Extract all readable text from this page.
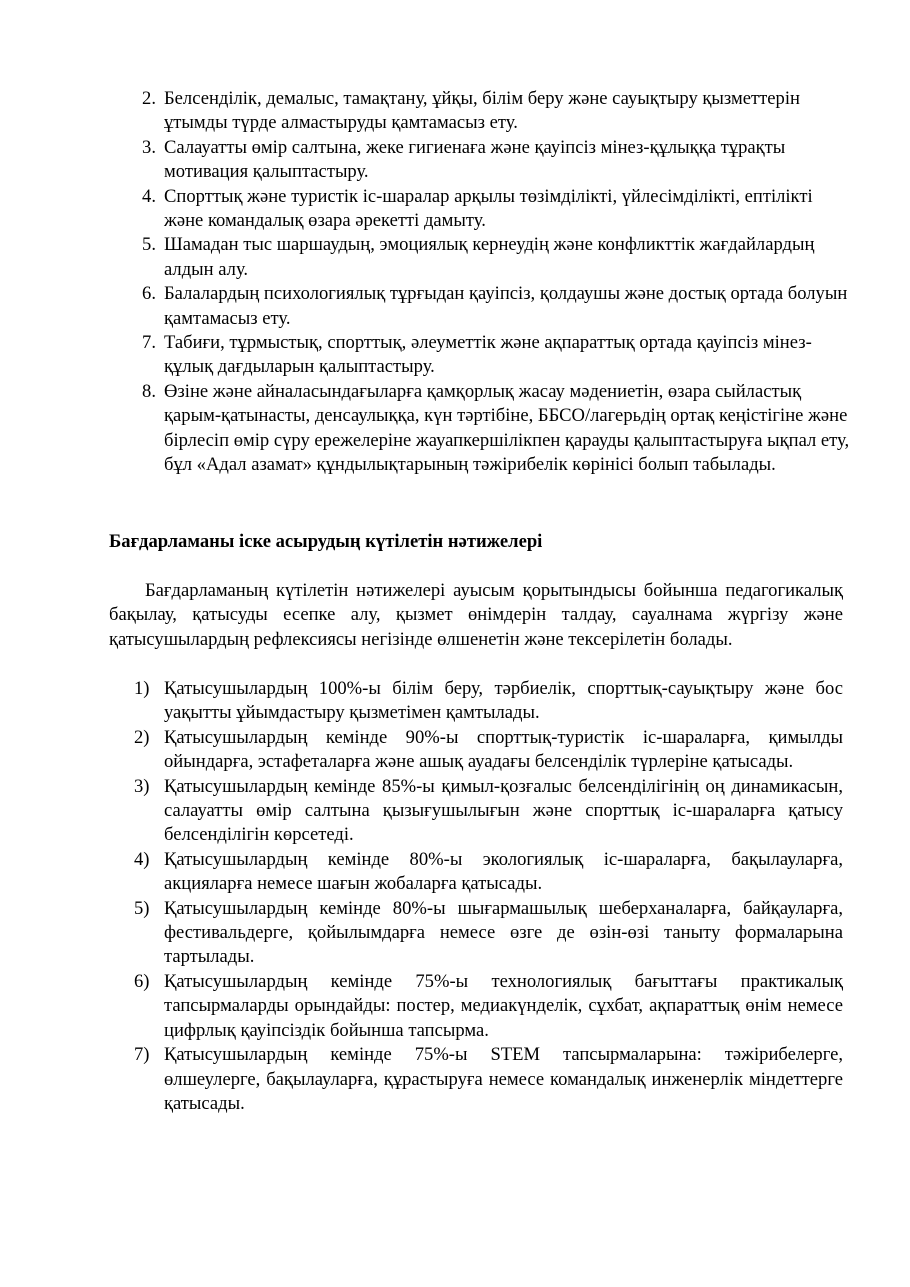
2. Белсенділік, демалыс, тамақтану, ұйқы, білім беру және сауықтыру қызметтерін ұтымды түрде алмастыруды қамтамасыз ету.
3. Салауатты өмір салтына, жеке гигиенаға және қауіпсіз мінез-құлыққа тұрақты мотивация қалыптастыру.
4. Спорттық және туристік іс-шаралар арқылы төзімділікті, үйлесімділікті, ептілікті және командалық өзара әрекетті дамыту.
5. Шамадан тыс шаршаудың, эмоциялық кернеудің және конфликттік жағдайлардың алдын алу.
6. Балалардың психологиялық тұрғыдан қауіпсіз, қолдаушы және достық ортада болуын қамтамасыз ету.
7. Табиғи, тұрмыстық, спорттық, әлеуметтік және ақпараттық ортада қауіпсіз мінез-құлық дағдыларын қалыптастыру.
8. Өзіне және айналасындағыларға қамқорлық жасау мәдениетін, өзара сыйластық қарым-қатынасты, денсаулыққа, күн тәртібіне, ББСО/лагерьдің ортақ кеңістігіне және бірлесіп өмір сүру ережелеріне жауапкершілікпен қарауды қалыптастыруға ықпал ету, бұл «Адал азамат» құндылықтарының тәжірибелік көрінісі болып табылады.
Бағдарламаны іске асырудың күтілетін нәтижелері

Бағдарламаның күтілетін нәтижелері ауысым қорытындысы бойынша педагогикалық бақылау, қатысуды есепке алу, қызмет өнімдерін талдау, сауалнама жүргізу және қатысушылардың рефлексиясы негізінде өлшенетін және тексерілетін болады.

1) Қатысушылардың 100%-ы білім беру, тәрбиелік, спорттық-сауықтыру және бос уақытты ұйымдастыру қызметімен қамтылады.
2) Қатысушылардың кемінде 90%-ы спорттық-туристік іс-шараларға, қимылды ойындарға, эстафеталарға және ашық ауадағы белсенділік түрлеріне қатысады.
3) Қатысушылардың кемінде 85%-ы қимыл-қозғалыс белсенділігінің оң динамикасын, салауатты өмір салтына қызығушылығын және спорттық іс-шараларға қатысу белсенділігін көрсетеді.
4) Қатысушылардың кемінде 80%-ы экологиялық іс-шараларға, бақылауларға, акцияларға немесе шағын жобаларға қатысады.
5) Қатысушылардың кемінде 80%-ы шығармашылық шеберханаларға, байқауларға, фестивальдерге, қойылымдарға немесе өзге де өзін-өзі таныту формаларына тартылады.
6) Қатысушылардың кемінде 75%-ы технологиялық бағыттағы практикалық тапсырмаларды орындайды: постер, медиакүнделік, сұхбат, ақпараттық өнім немесе цифрлық қауіпсіздік бойынша тапсырма.
7) Қатысушылардың кемінде 75%-ы STEM тапсырмаларына: тәжірибелерге, өлшеулерге, бақылауларға, құрастыруға немесе командалық инженерлік міндеттерге қатысады.
